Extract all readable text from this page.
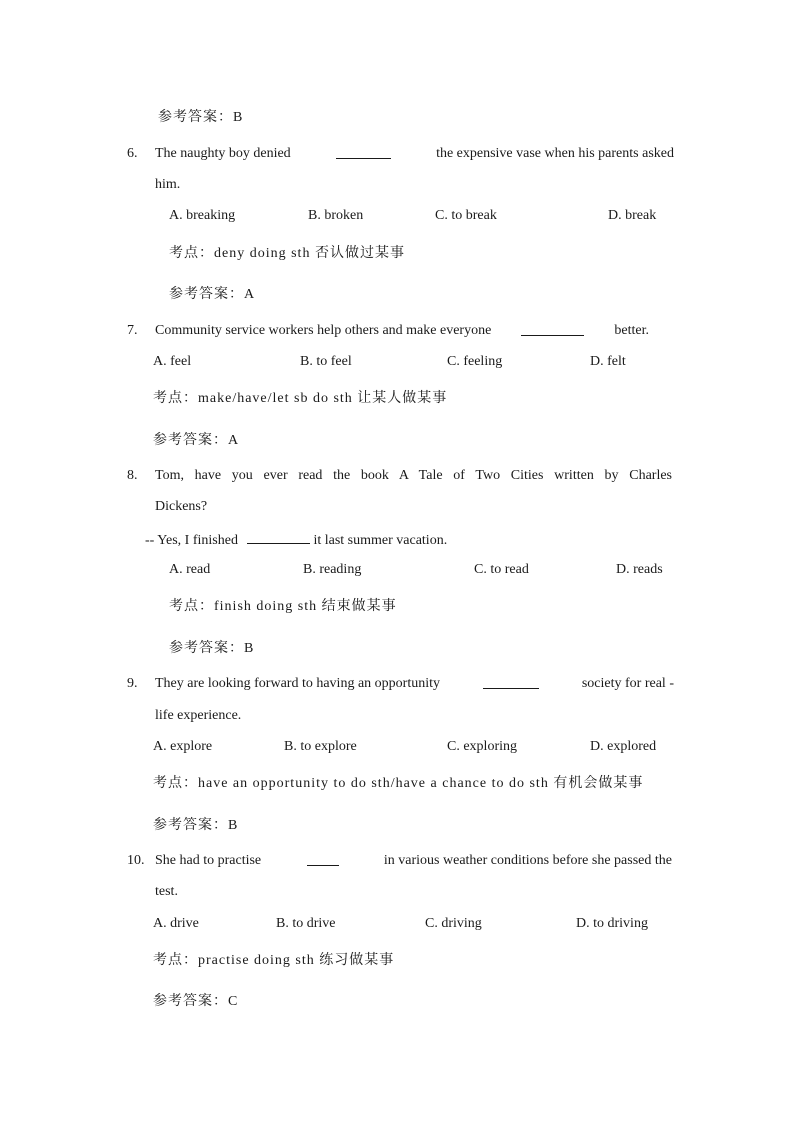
参考答案：B
6. The naughty boy denied	the expensive vase when his parents asked
him.
A. breaking	B. broken	C. to break	D. break
考点：deny doing sth 否认做过某事
参考答案：A
7. Community service workers help others and make everyone	better.
A. feel	B. to feel	C. feeling	D. felt
考点：make/have/let sb do sth 让某人做某事
参考答案：A
8. Tom, have you ever read the book A Tale of Two Cities written by Charles
Dickens?
-- Yes, I finished	it last summer vacation.
A. read	B. reading	C. to read	D. reads
考点：finish doing sth 结束做某事
参考答案：B
9. They are looking forward to having an opportunity	society for real -
life experience.
A. explore	B. to explore	C. exploring	D. explored
考点：have an opportunity to do sth/have a chance to do sth 有机会做某事
参考答案：B
10. She had to practise	in various weather conditions before she passed the
test.
A. drive	B. to drive	C. driving	D. to driving
考点：practise doing sth 练习做某事
参考答案：C
